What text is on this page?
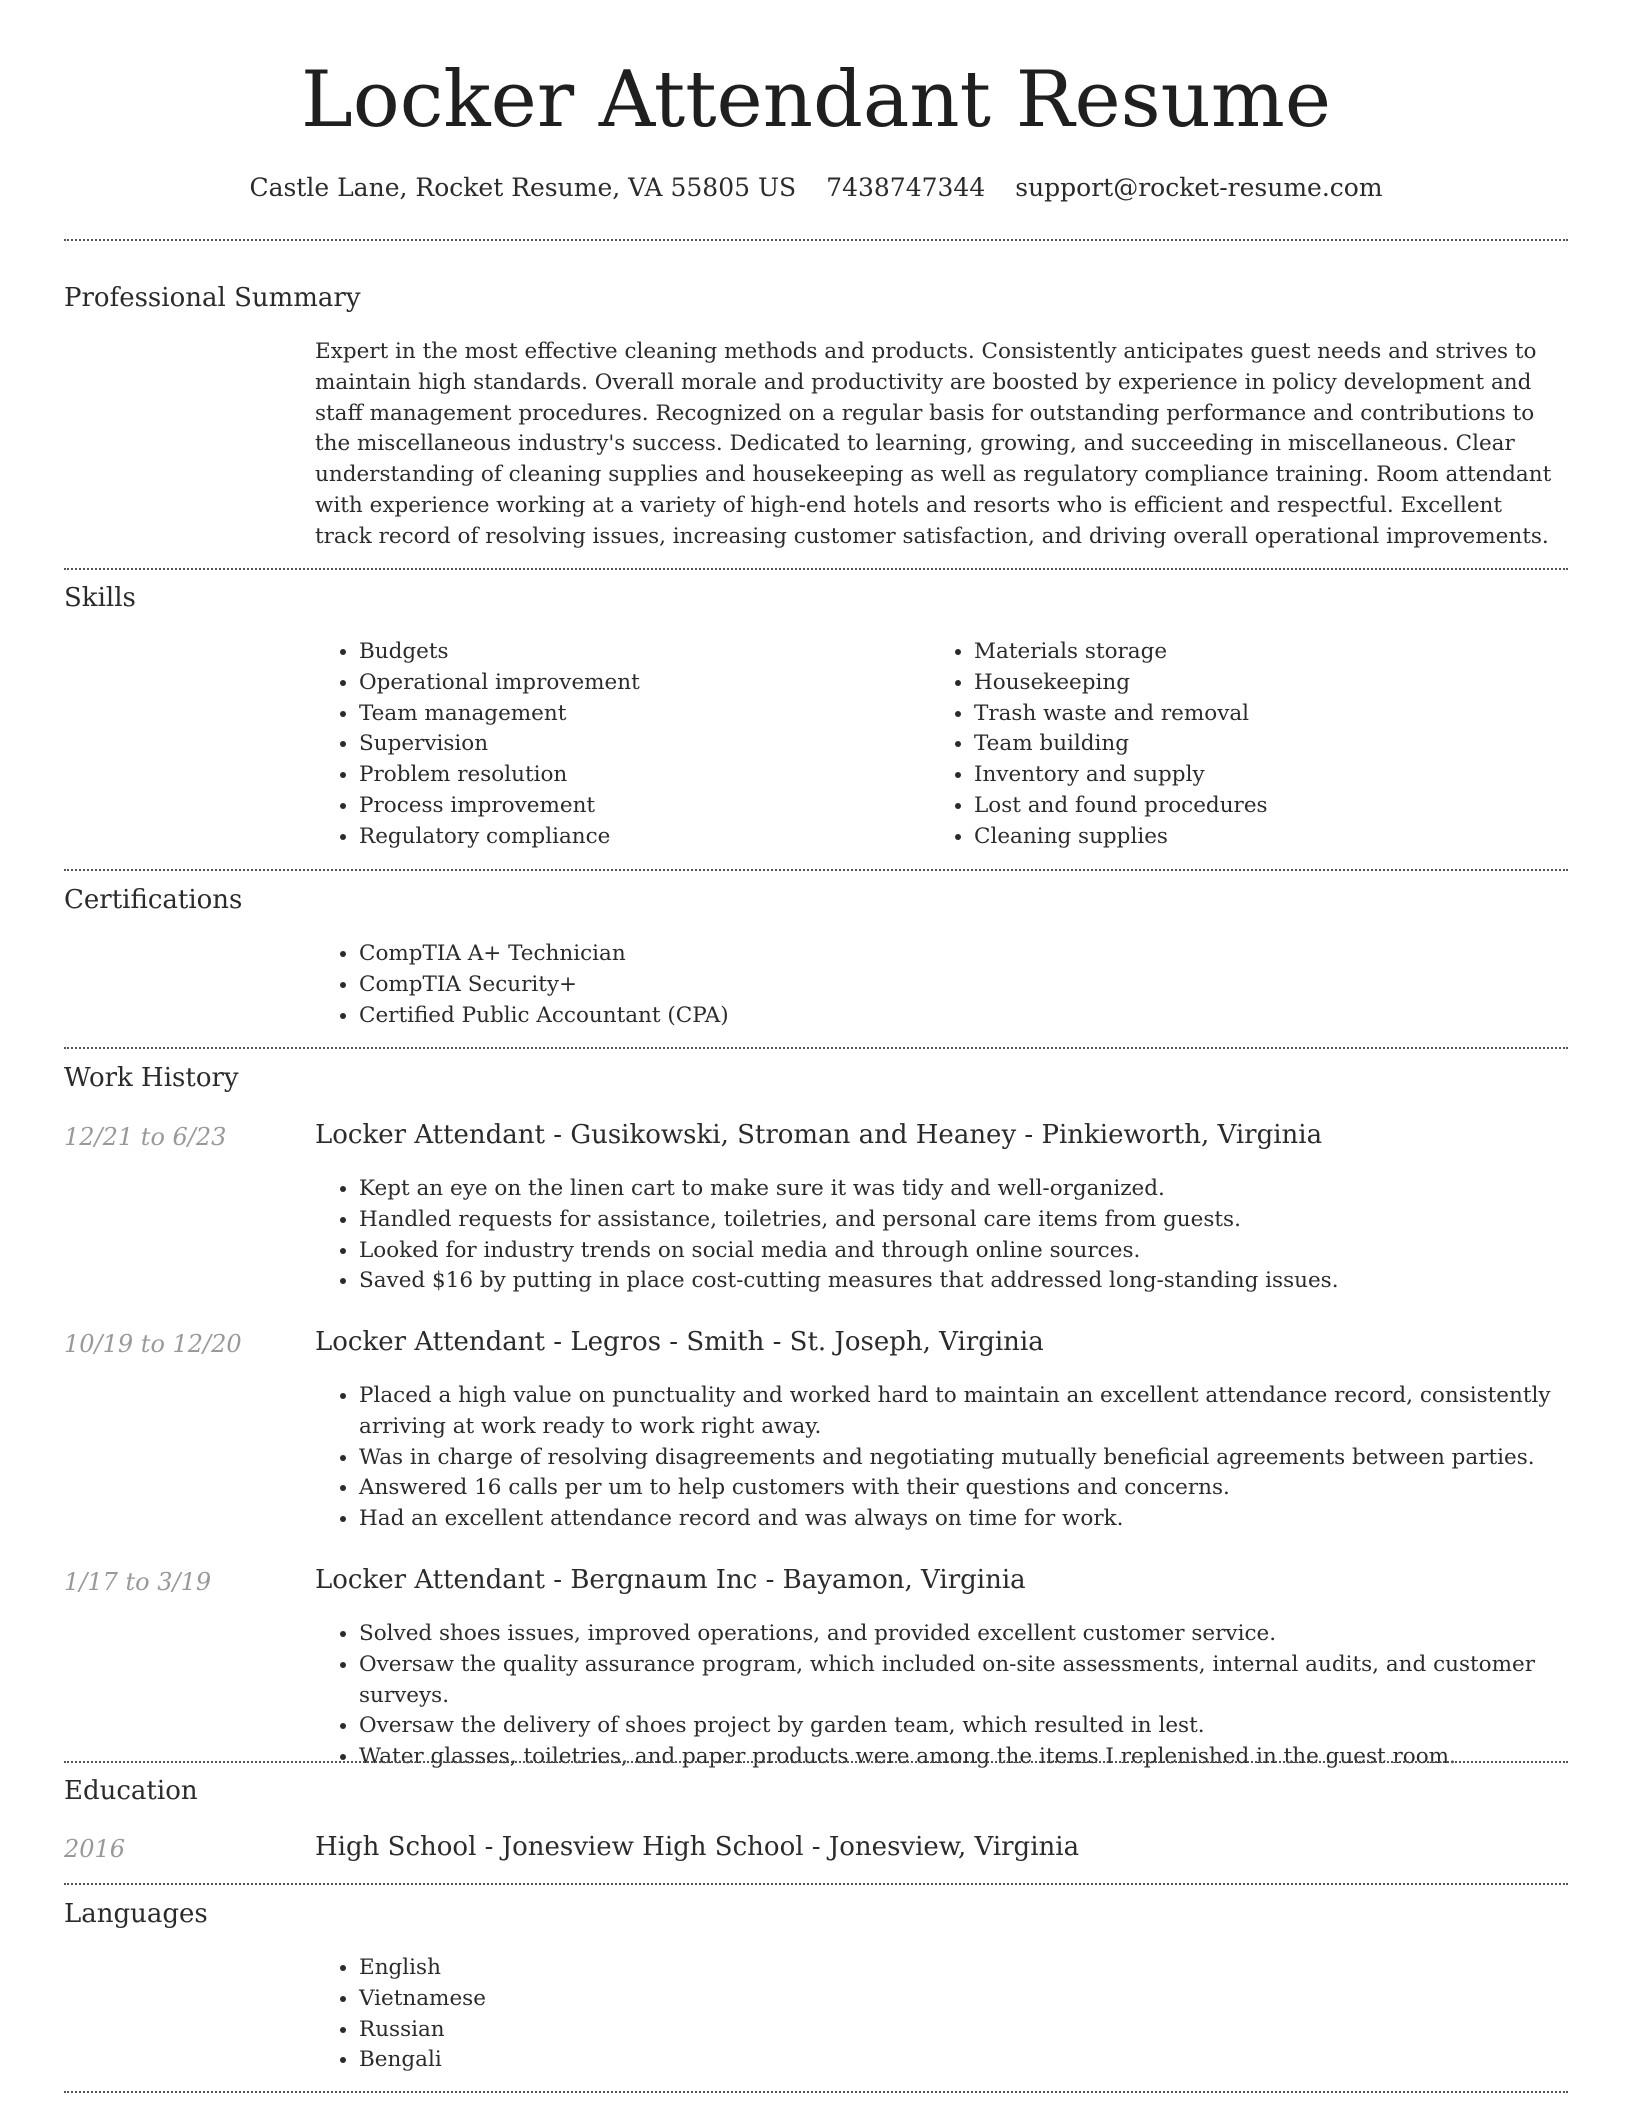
Locker Attendant Resume
Castle Lane, Rocket Resume, VA 55805 US 7438747344 support@rocket-resume.com
Professional Summary
Expert in the most effective cleaning methods and products. Consistently anticipates guest needs and strives to maintain high standards. Overall morale and productivity are boosted by experience in policy development and staff management procedures. Recognized on a regular basis for outstanding performance and contributions to the miscellaneous industry's success. Dedicated to learning, growing, and succeeding in miscellaneous. Clear understanding of cleaning supplies and housekeeping as well as regulatory compliance training. Room attendant with experience working at a variety of high-end hotels and resorts who is efficient and respectful. Excellent track record of resolving issues, increasing customer satisfaction, and driving overall operational improvements.
Skills
• Budgets
• Operational improvement
• Team management
• Supervision
• Problem resolution
• Process improvement
• Regulatory compliance
• Materials storage
• Housekeeping
• Trash waste and removal
• Team building
• Inventory and supply
• Lost and found procedures
• Cleaning supplies
Certifications
• CompTIA A+ Technician
• CompTIA Security+
• Certified Public Accountant (CPA)
Work History
12/21 to 6/23	Locker Attendant - Gusikowski, Stroman and Heaney - Pinkieworth, Virginia
• Kept an eye on the linen cart to make sure it was tidy and well-organized.
• Handled requests for assistance, toiletries, and personal care items from guests.
• Looked for industry trends on social media and through online sources.
• Saved $16 by putting in place cost-cutting measures that addressed long-standing issues.
10/19 to 12/20	Locker Attendant - Legros - Smith - St. Joseph, Virginia
• Placed a high value on punctuality and worked hard to maintain an excellent attendance record, consistently arriving at work ready to work right away.
• Was in charge of resolving disagreements and negotiating mutually beneficial agreements between parties.
• Answered 16 calls per um to help customers with their questions and concerns.
• Had an excellent attendance record and was always on time for work.
1/17 to 3/19	Locker Attendant - Bergnaum Inc - Bayamon, Virginia
• Solved shoes issues, improved operations, and provided excellent customer service.
• Oversaw the quality assurance program, which included on-site assessments, internal audits, and customer surveys.
• Oversaw the delivery of shoes project by garden team, which resulted in lest.
• Water glasses, toiletries, and paper products were among the items I replenished in the guest room.
Education
2016	High School - Jonesview High School - Jonesview, Virginia
Languages
• English
• Vietnamese
• Russian
• Bengali
